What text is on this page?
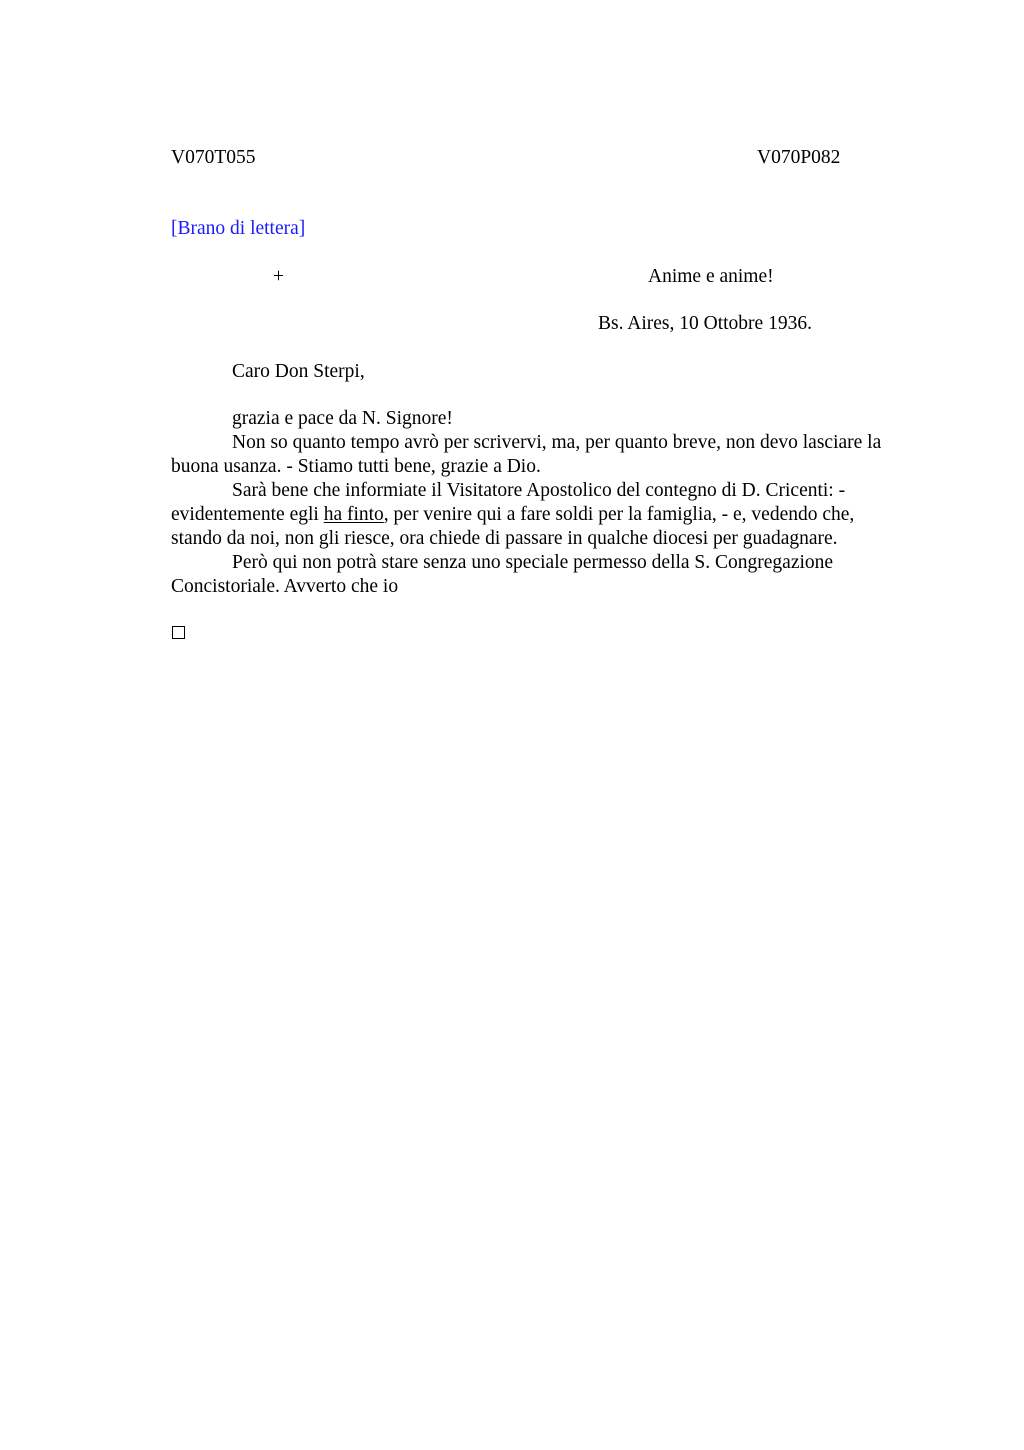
V070T055	V070P082
[Brano di lettera]
+	Anime e anime!
Bs. Aires, 10 Ottobre 1936.
Caro Don Sterpi,
grazia e pace da N. Signore!
Non so quanto tempo avrò per scrivervi, ma, per quanto breve, non devo lasciare la
buona usanza. - Stiamo tutti bene, grazie a Dio.
Sarà bene che informiate il Visitatore Apostolico del contegno di D. Cricenti: -
evidentemente egli ha finto, per venire qui a fare soldi per la famiglia, - e, vedendo che,
stando da noi, non gli riesce, ora chiede di passare in qualche diocesi per guadagnare.
Però qui non potrà stare senza uno speciale permesso della S. Congregazione
Concistoriale. Avverto che io
